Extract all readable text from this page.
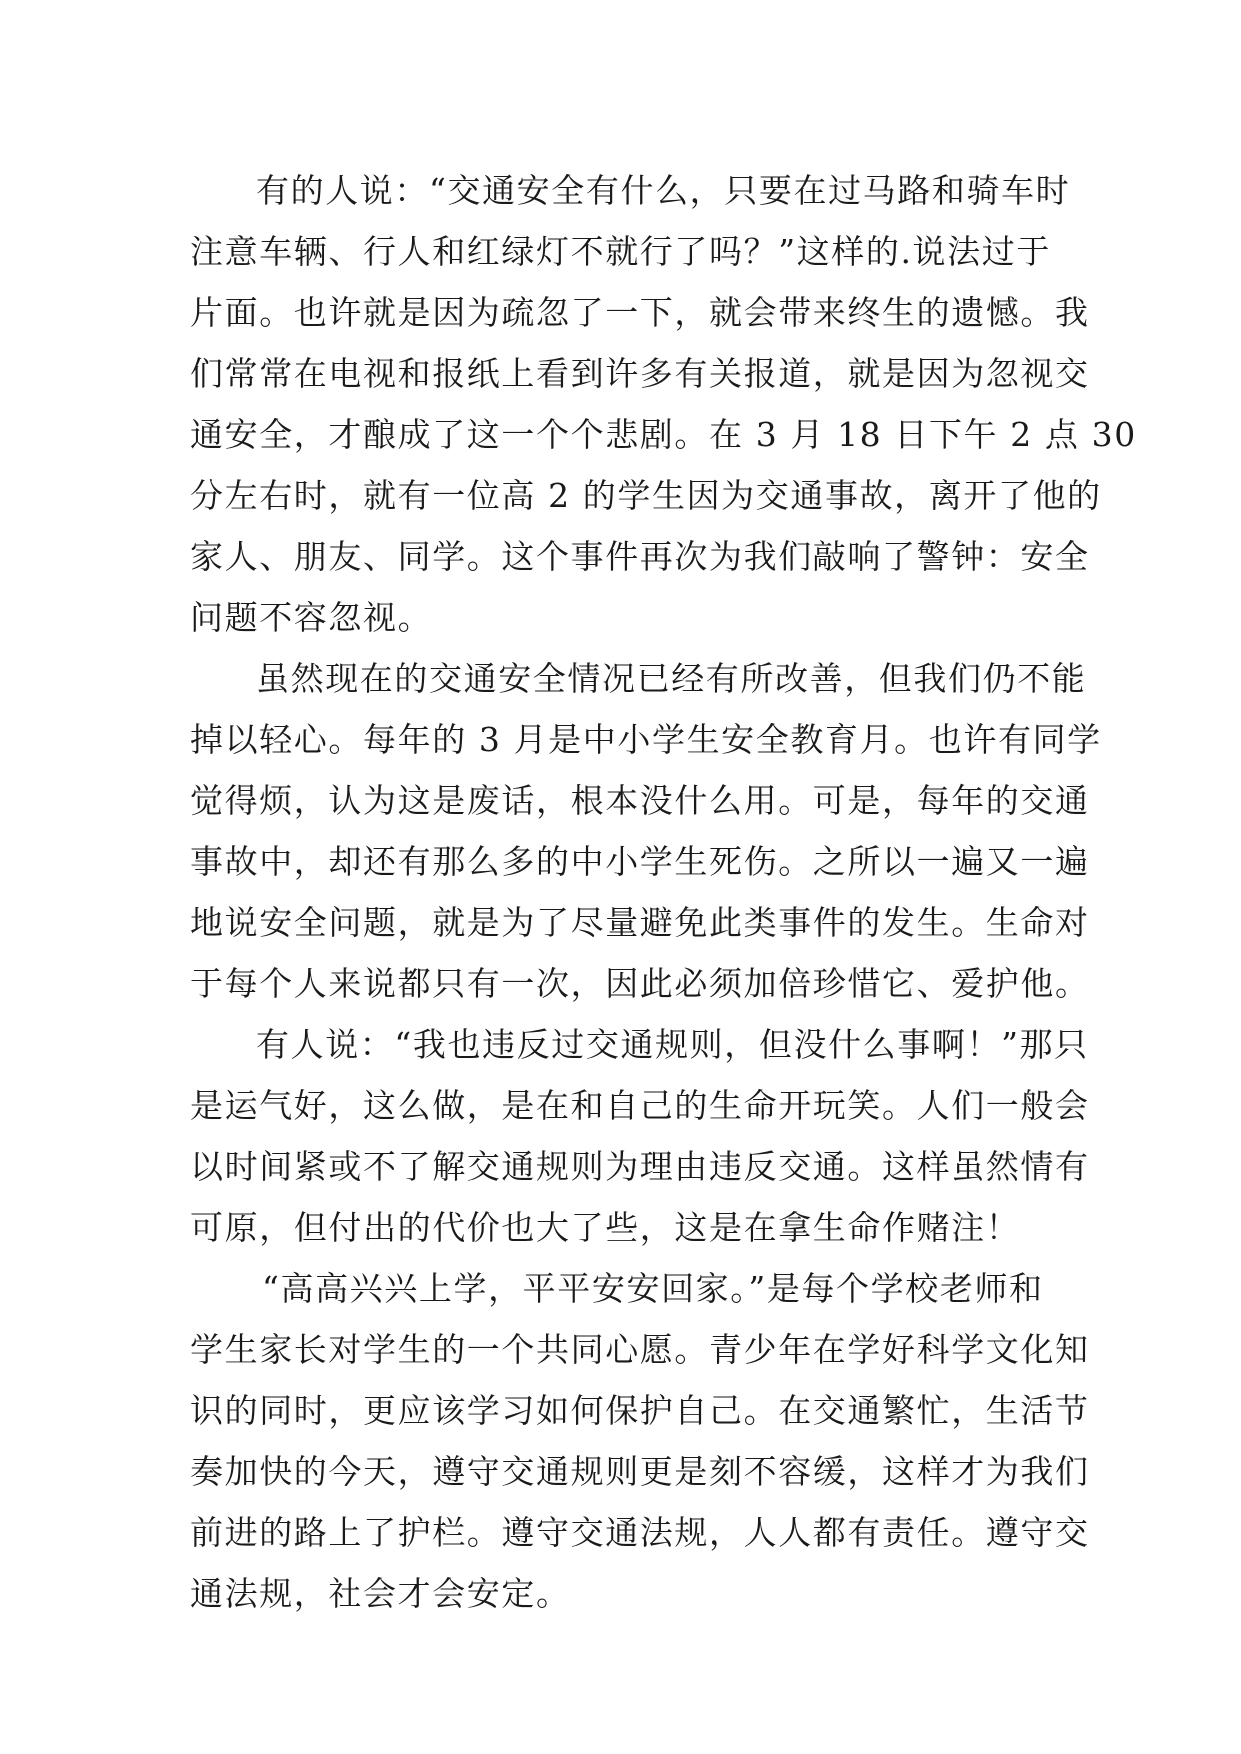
有的人说：“交通安全有什么，只要在过马路和骑车时
注意车辆、行人和红绿灯不就行了吗？”这样的.说法过于
片面。也许就是因为疏忽了一下，就会带来终生的遗憾。我
们常常在电视和报纸上看到许多有关报道，就是因为忽视交
通安全，才酿成了这一个个悲剧。在 3 月 18 日下午 2 点 30
分左右时，就有一位高 2 的学生因为交通事故，离开了他的
家人、朋友、同学。这个事件再次为我们敲响了警钟：安全
问题不容忽视。
虽然现在的交通安全情况已经有所改善，但我们仍不能
掉以轻心。每年的 3 月是中小学生安全教育月。也许有同学
觉得烦，认为这是废话，根本没什么用。可是，每年的交通
事故中，却还有那么多的中小学生死伤。之所以一遍又一遍
地说安全问题，就是为了尽量避免此类事件的发生。生命对
于每个人来说都只有一次，因此必须加倍珍惜它、爱护他。
有人说：“我也违反过交通规则，但没什么事啊！”那只
是运气好，这么做，是在和自己的生命开玩笑。人们一般会
以时间紧或不了解交通规则为理由违反交通。这样虽然情有
可原，但付出的代价也大了些，这是在拿生命作赌注！
“高高兴兴上学，平平安安回家。”是每个学校老师和
学生家长对学生的一个共同心愿。青少年在学好科学文化知
识的同时，更应该学习如何保护自己。在交通繁忙，生活节
奏加快的今天，遵守交通规则更是刻不容缓，这样才为我们
前进的路上了护栏。遵守交通法规，人人都有责任。遵守交
通法规，社会才会安定。
